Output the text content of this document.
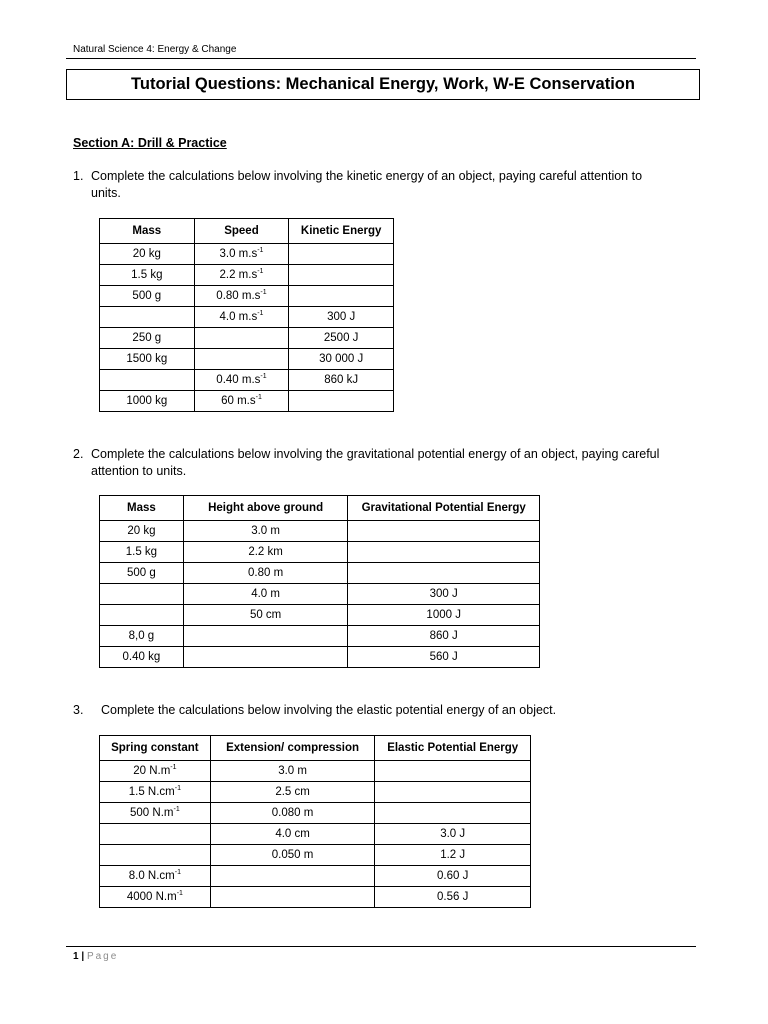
Natural Science 4: Energy & Change
Tutorial Questions: Mechanical Energy, Work, W-E Conservation
Section A: Drill & Practice
1. Complete the calculations below involving the kinetic energy of an object, paying careful attention to
units.
Mass	Speed	Kinetic Energy
20 kg	3.0 $m.s^{-1}$	
1.5 kg	2.2 $m.s^{-1}$	
500 g	0.80 $m.s^{-1}$	
	4.0 $m.s^{-1}$	300 J
250 g		2500 J
1500 kg		30 000 J
	0.40 $m.s^{-1}$	860 kJ
1000 kg	60 $m.s^{-1}$	
2. Complete the calculations below involving the gravitational potential energy of an object, paying careful
attention to units.
Mass	Height above ground	Gravitational Potential Energy
20 kg	3.0 m	
1.5 kg	2.2 km	
500 g	0.80 m	
	4.0 m	300 J
	50 cm	1000 J
8,0 g		860 J
0.40 kg		560 J
3. Complete the calculations below involving the elastic potential energy of an object.
Spring constant	Extension/ compression	Elastic Potential Energy
20 $N.m^{-1}$	3.0 m	
1.5 $N.cm^{-1}$	2.5 cm	
500 $N.m^{-1}$	0.080 m	
	4.0 cm	3.0 J
	0.050 m	1.2 J
8.0 $N.cm^{-1}$		0.60 J
4000 $N.m^{-1}$		0.56 J
1 | Page
